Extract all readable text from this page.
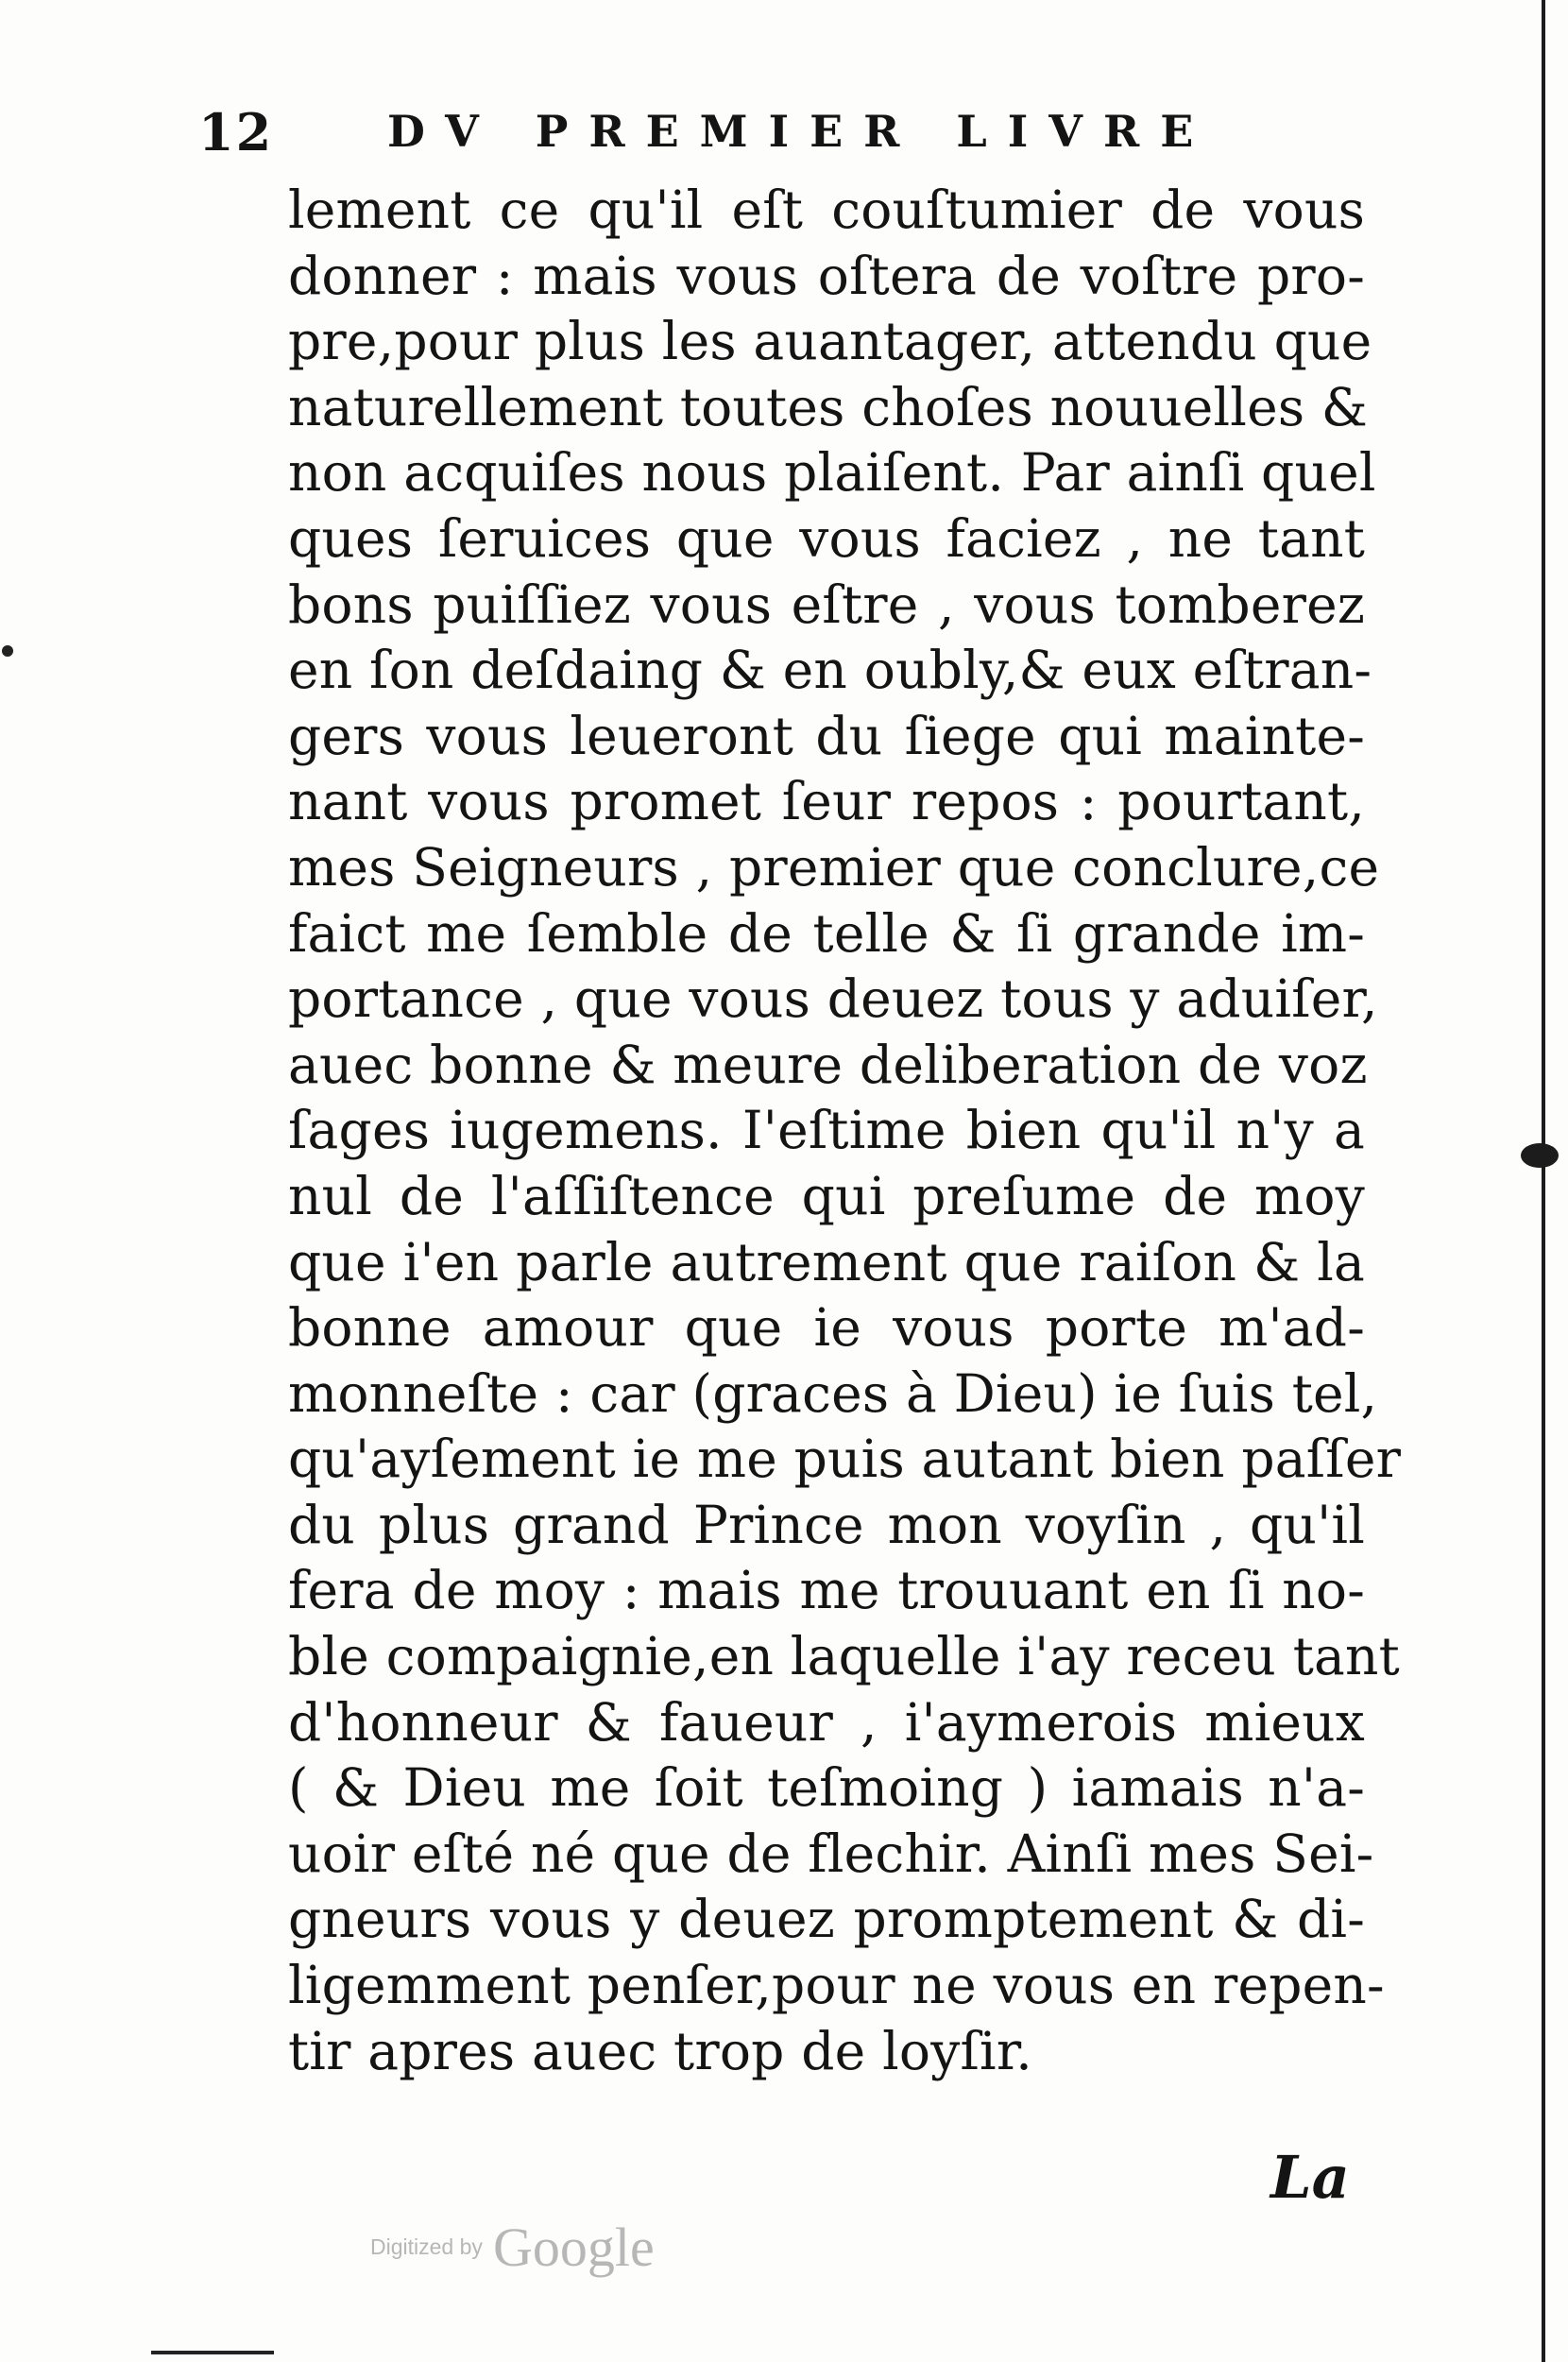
12	DV PREMIER LIVRE
lement ce qu'il eſt couſtumier de vous
donner : mais vous oſtera de voſtre pro-
pre,pour plus les auantager, attendu que
naturellement toutes choſes nouuelles &
non acquiſes nous plaiſent. Par ainſi quel
ques ſeruices que vous faciez , ne tant
bons puiſſiez vous eſtre , vous tomberez
en ſon deſdaing & en oubly,& eux eſtran-
gers vous leueront du ſiege qui mainte-
nant vous promet ſeur repos : pourtant,
mes Seigneurs , premier que conclure,ce
faict me ſemble de telle & ſi grande im-
portance , que vous deuez tous y aduiſer,
auec bonne & meure deliberation de voz
ſages iugemens. I'eſtime bien qu'il n'y a
nul de l'aſſiſtence qui preſume de moy
que i'en parle autrement que raiſon & la
bonne amour que ie vous porte m'ad-
monneſte : car (graces à Dieu) ie ſuis tel,
qu'ayſement ie me puis autant bien paſſer
du plus grand Prince mon voyſin , qu'il
fera de moy : mais me trouuant en ſi no-
ble compaignie,en laquelle i'ay receu tant
d'honneur & faueur , i'aymerois mieux
( & Dieu me ſoit teſmoing ) iamais n'a-
uoir eſté né que de flechir. Ainſi mes Sei-
gneurs vous y deuez promptement & di-
ligemment penſer,pour ne vous en repen-
tir apres auec trop de loyſir.
La
Digitized by Google
